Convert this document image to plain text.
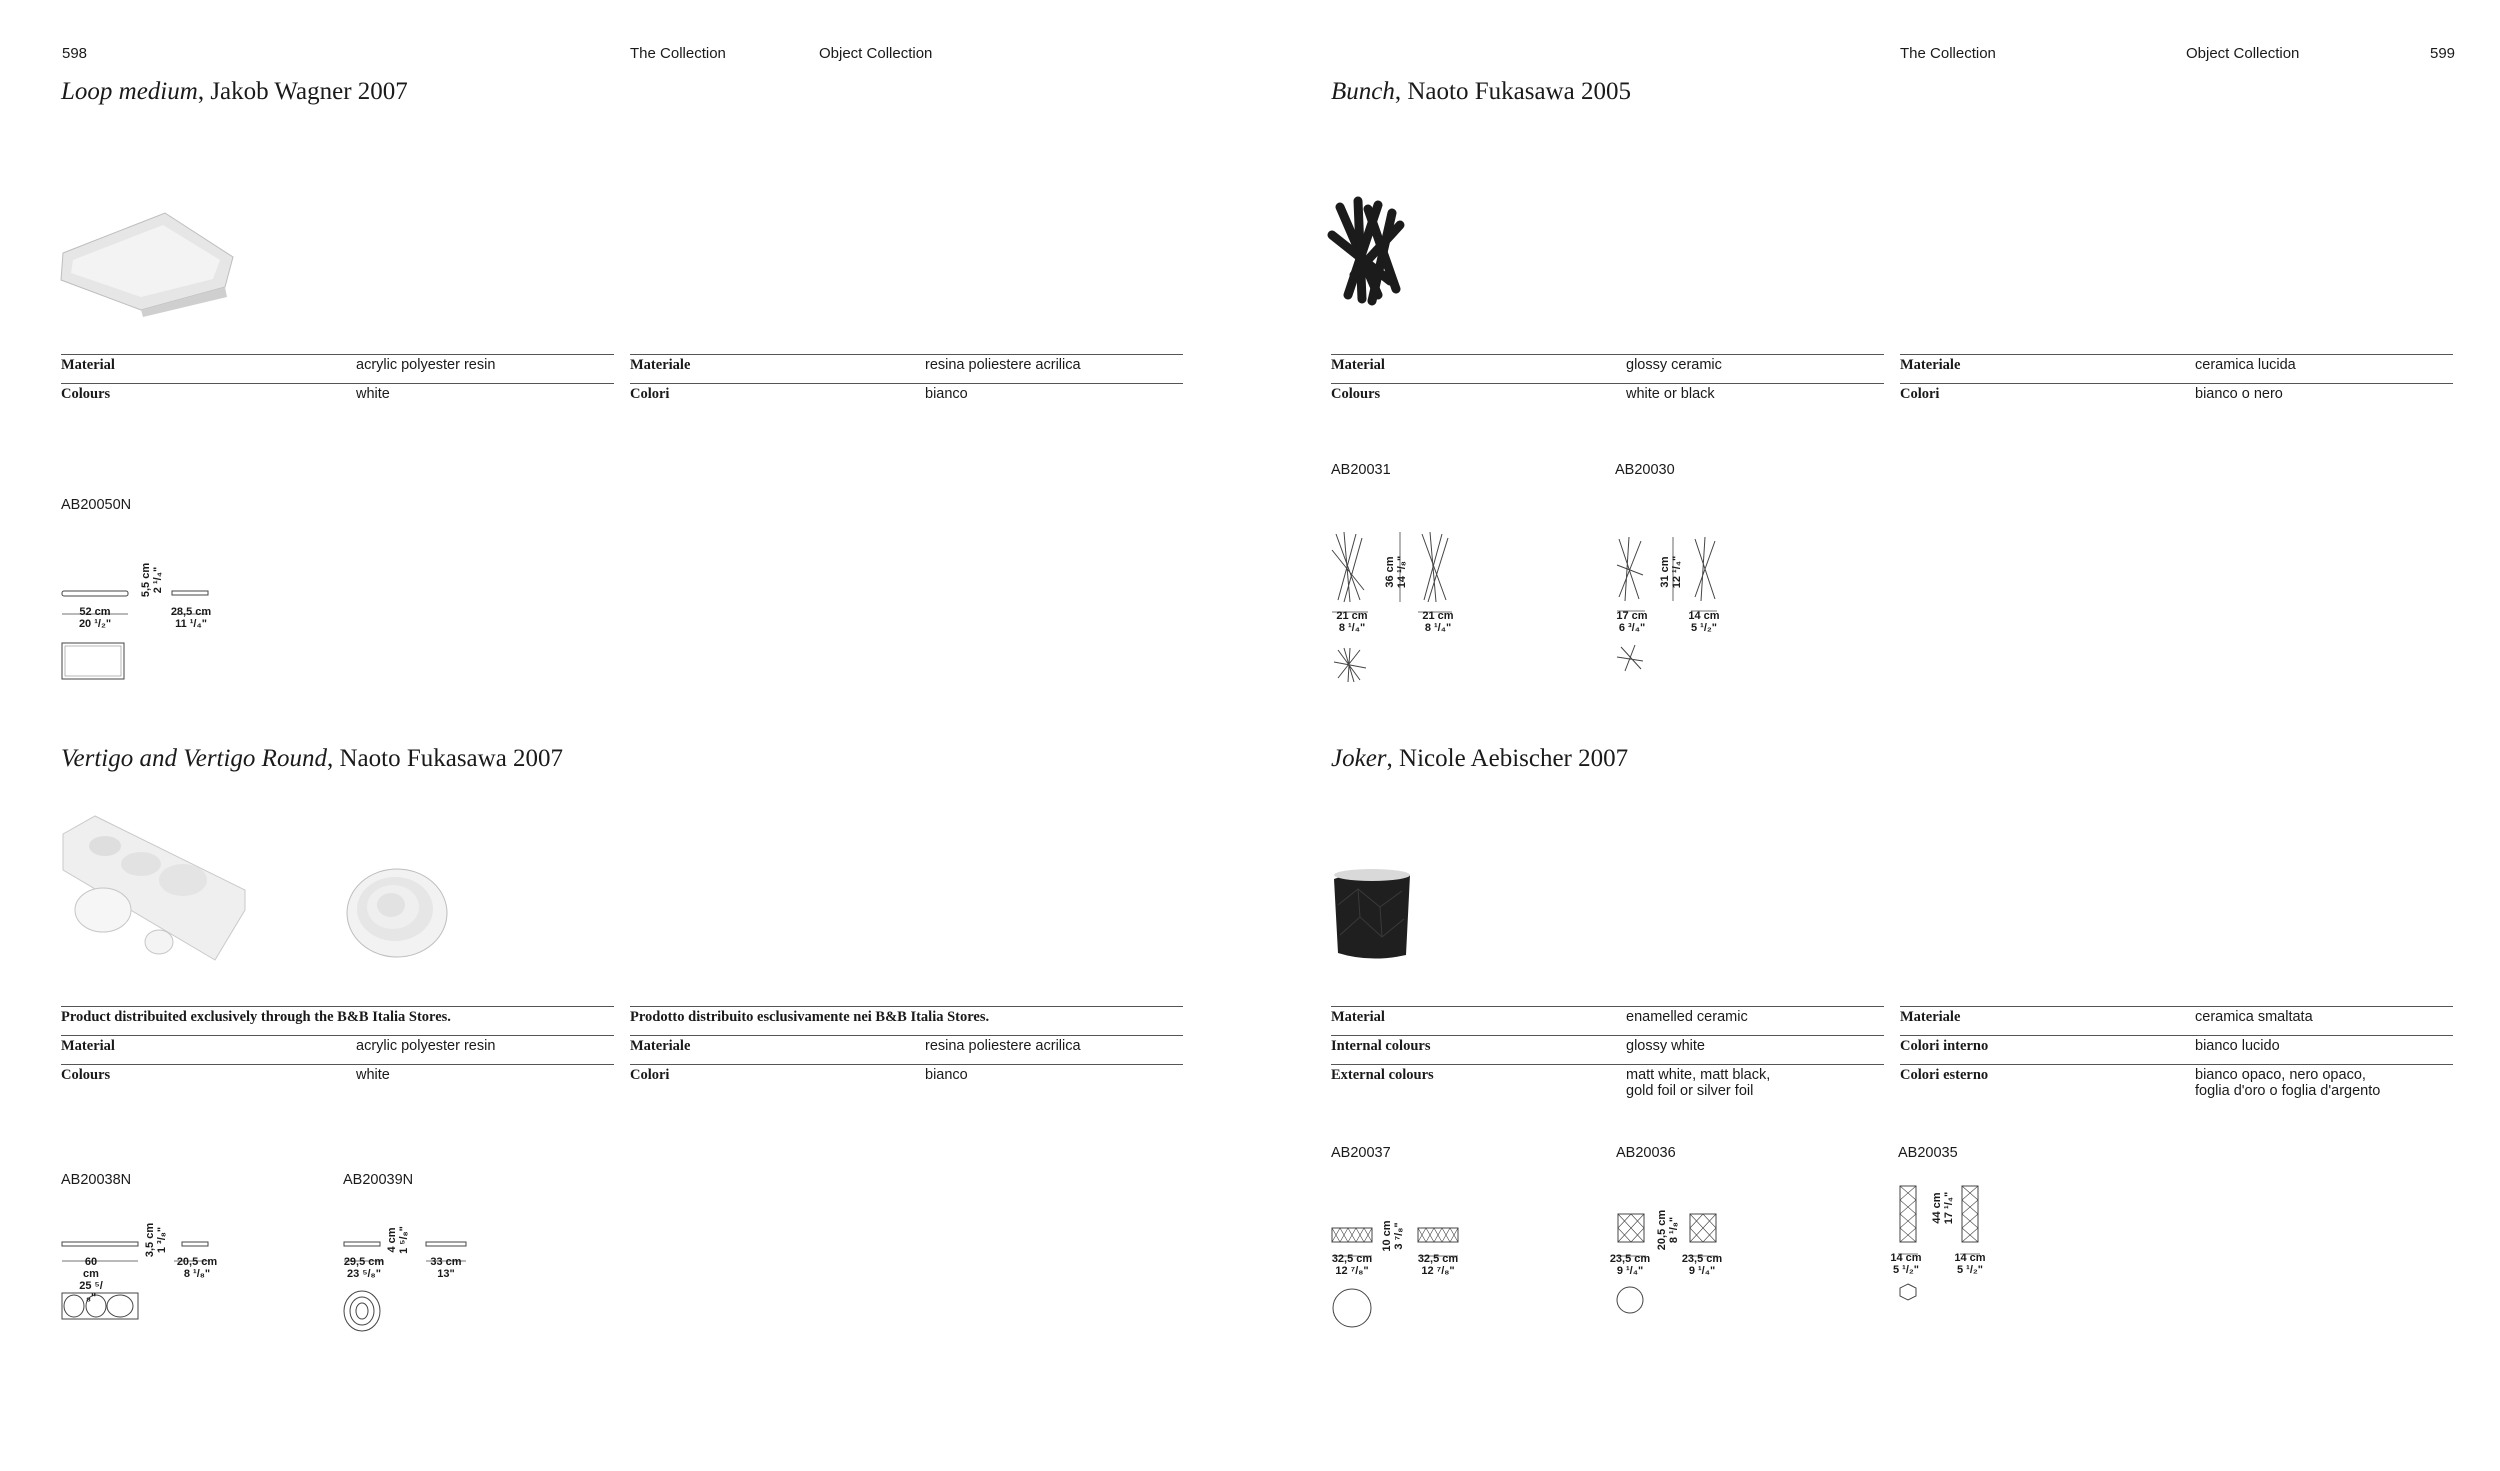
598	The Collection	Object Collection	The Collection	Object Collection	599
Loop medium, Jakob Wagner 2007
Material	acrylic polyester resin
Colours	white
Materiale	resina poliestere acrilica
Colori	bianco
AB20050N
52 cm
20 ¹/₂"
5,5 cm 2 ¹/₄"
28,5 cm
11 ¹/₄"
Bunch, Naoto Fukasawa 2005
Material	glossy ceramic
Colours	white or black
Materiale	ceramica lucida
Colori	bianco o nero
AB20031	AB20030
21 cm
8 ¹/₄"
36 cm 14 ¹/₈"
21 cm
8 ¹/₄"
17 cm
6 ³/₄"
31 cm 12 ¹/₄"
14 cm
5 ¹/₂"
Vertigo and Vertigo Round, Naoto Fukasawa 2007
Product distribuited exclusively through the B&B Italia Stores.
Material	acrylic polyester resin
Colours	white
Prodotto distribuito esclusivamente nei B&B Italia Stores.
Materiale	resina poliestere acrilica
Colori	bianco
AB20038N	AB20039N
60 cm
25 ⁵/₈"
3,5 cm 1 ³/₈"
20,5 cm
8 ¹/₈"
29,5 cm
23 ⁵/₈"
4 cm 1 ⁵/₈"
33 cm
13"
Joker, Nicole Aebischer 2007
Material	enamelled ceramic
Internal colours	glossy white
External colours	matt white, matt black, gold foil or silver foil
Materiale	ceramica smaltata
Colori interno	bianco lucido
Colori esterno	bianco opaco, nero opaco, foglia d'oro o foglia d'argento
AB20037	AB20036	AB20035
32,5 cm
12 ⁷/₈"
10 cm 3 ⁷/₈"
32,5 cm
12 ⁷/₈"
23,5 cm
9 ¹/₄"
20,5 cm 8 ¹/₈"
23,5 cm
9 ¹/₄"
14 cm
5 ¹/₂"
44 cm 17 ¹/₄"
14 cm
5 ¹/₂"
